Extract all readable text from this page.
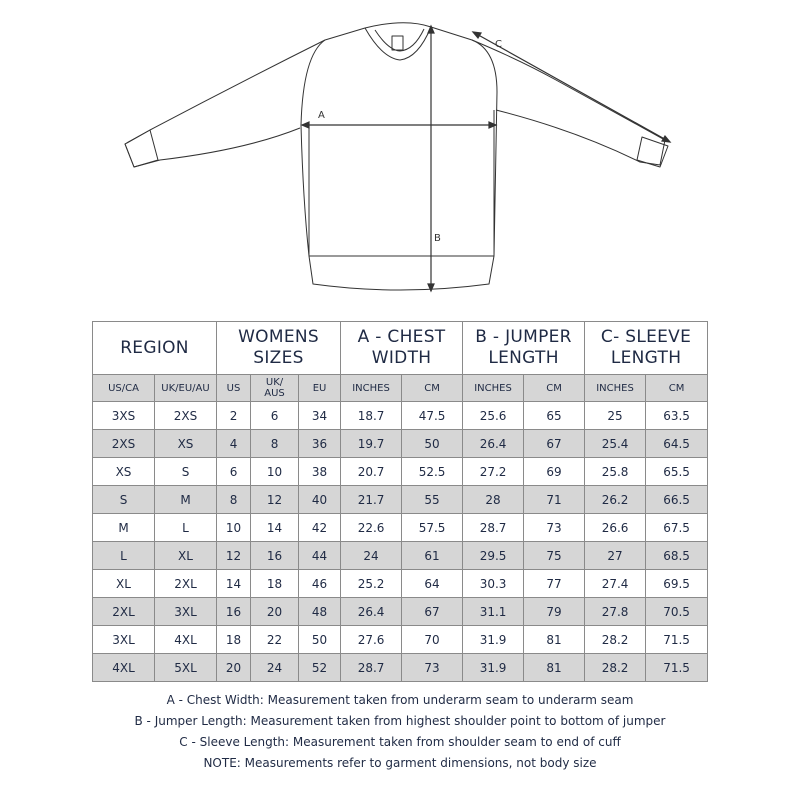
A
B
C
REGION		WOMENS SIZES			A - CHEST WIDTH		B - JUMPER LENGTH		C- SLEEVE LENGTH	
US/CA	UK/EU/AU	US	UK/ AUS	EU	INCHES	CM	INCHES	CM	INCHES	CM
3XS	2XS	2	6	34	18.7	47.5	25.6	65	25	63.5
2XS	XS	4	8	36	19.7	50	26.4	67	25.4	64.5
XS	S	6	10	38	20.7	52.5	27.2	69	25.8	65.5
S	M	8	12	40	21.7	55	28	71	26.2	66.5
M	L	10	14	42	22.6	57.5	28.7	73	26.6	67.5
L	XL	12	16	44	24	61	29.5	75	27	68.5
XL	2XL	14	18	46	25.2	64	30.3	77	27.4	69.5
2XL	3XL	16	20	48	26.4	67	31.1	79	27.8	70.5
3XL	4XL	18	22	50	27.6	70	31.9	81	28.2	71.5
4XL	5XL	20	24	52	28.7	73	31.9	81	28.2	71.5
A - Chest Width: Measurement taken from underarm seam to underarm seam
B - Jumper Length: Measurement taken from highest shoulder point to bottom of jumper
C - Sleeve Length: Measurement taken from shoulder seam to end of cuff
NOTE: Measurements refer to garment dimensions, not body size
